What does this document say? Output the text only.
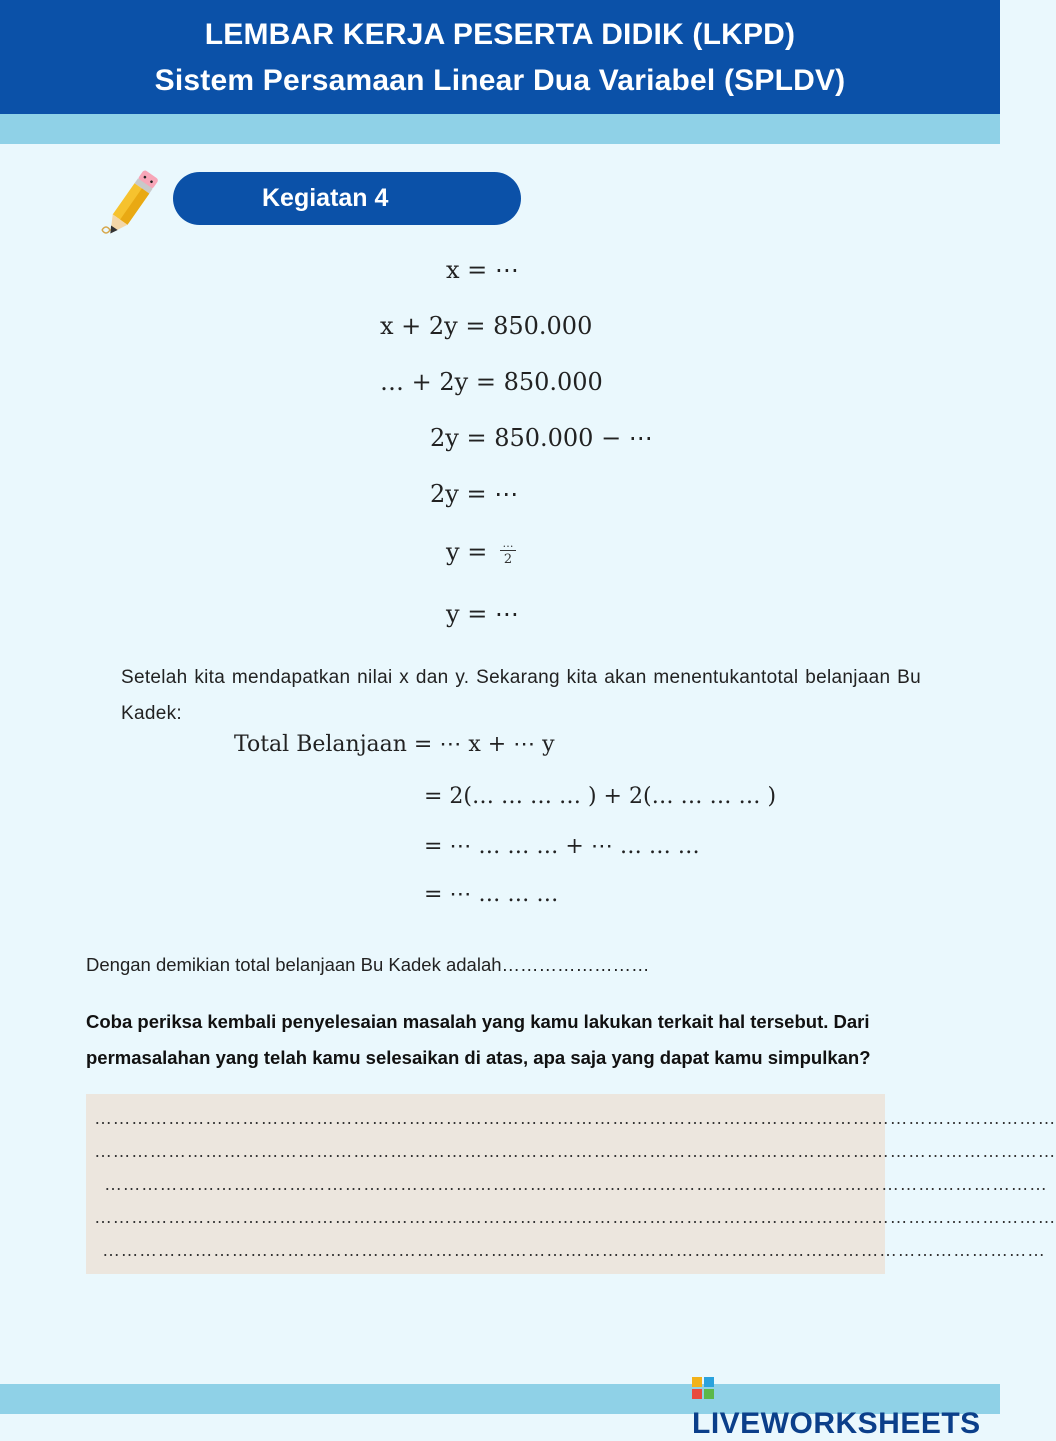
LEMBAR KERJA PESERTA DIDIK (LKPD)
Sistem Persamaan Linear Dua Variabel (SPLDV)
Kegiatan 4
x = ⋯
x + 2y = 850.000
… + 2y = 850.000
2y = 850.000 − ⋯
2y = ⋯
y = …
2
y = ⋯
Setelah kita mendapatkan nilai x dan y. Sekarang kita akan menentukantotal belanjaan Bu Kadek:
Total Belanjaan = ⋯ x + ⋯ y
= 2(… … … … ) + 2(… … … … )
= ⋯ … … … + ⋯ … … …
= ⋯ … … …
Dengan demikian total belanjaan Bu Kadek adalah……………………
Coba periksa kembali penyelesaian masalah yang kamu lakukan terkait hal tersebut. Dari permasalahan yang telah kamu selesaikan di atas, apa saja yang dapat kamu simpulkan?
…………………………………………………………………………………………………………………………………………
…………………………………………………………………………………………………………………………………………
………………………………………………………………………………………………………………………………………
…………………………………………………………………………………………………………………………………………
………………………………………………………………………………………………………………………………………
LIVEWORKSHEETS
